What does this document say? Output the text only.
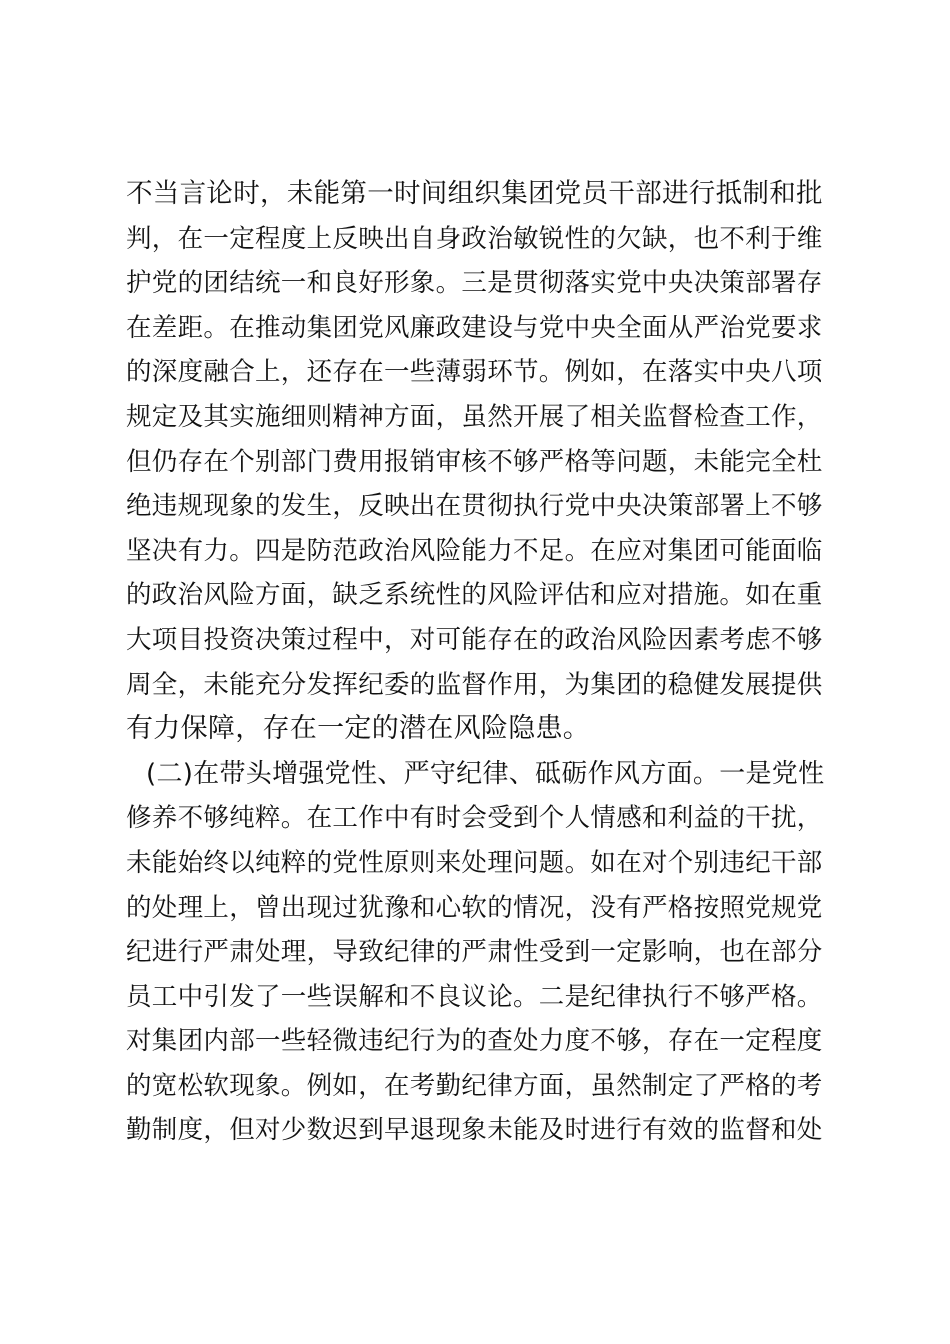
不当言论时，未能第一时间组织集团党员干部进行抵制和批
判，在一定程度上反映出自身政治敏锐性的欠缺，也不利于维
护党的团结统一和良好形象。三是贯彻落实党中央决策部署存
在差距。在推动集团党风廉政建设与党中央全面从严治党要求
的深度融合上，还存在一些薄弱环节。例如，在落实中央八项
规定及其实施细则精神方面，虽然开展了相关监督检查工作，
但仍存在个别部门费用报销审核不够严格等问题，未能完全杜
绝违规现象的发生，反映出在贯彻执行党中央决策部署上不够
坚决有力。四是防范政治风险能力不足。在应对集团可能面临
的政治风险方面，缺乏系统性的风险评估和应对措施。如在重
大项目投资决策过程中，对可能存在的政治风险因素考虑不够
周全，未能充分发挥纪委的监督作用，为集团的稳健发展提供
有力保障，存在一定的潜在风险隐患。
(二)在带头增强党性、严守纪律、砥砺作风方面。一是党性
修养不够纯粹。在工作中有时会受到个人情感和利益的干扰，
未能始终以纯粹的党性原则来处理问题。如在对个别违纪干部
的处理上，曾出现过犹豫和心软的情况，没有严格按照党规党
纪进行严肃处理，导致纪律的严肃性受到一定影响，也在部分
员工中引发了一些误解和不良议论。二是纪律执行不够严格。
对集团内部一些轻微违纪行为的查处力度不够，存在一定程度
的宽松软现象。例如，在考勤纪律方面，虽然制定了严格的考
勤制度，但对少数迟到早退现象未能及时进行有效的监督和处
